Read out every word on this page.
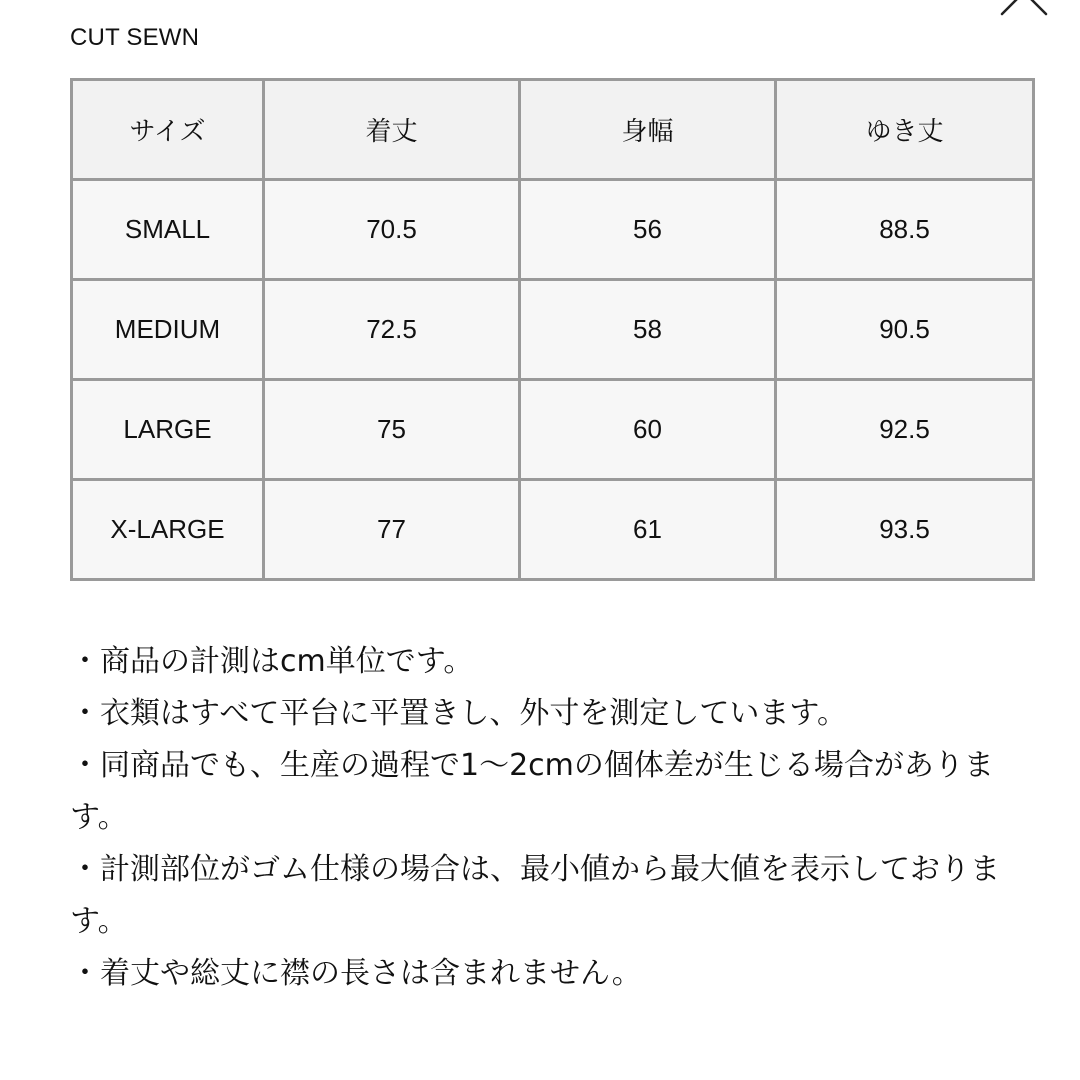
CUT SEWN
サイズ	着丈	身幅	ゆき丈
SMALL	70.5	56	88.5
MEDIUM	72.5	58	90.5
LARGE	75	60	92.5
X-LARGE	77	61	93.5

・商品の計測はcm単位です。

・衣類はすべて平台に平置きし、外寸を測定しています。

・同商品でも、生産の過程で1〜2cmの個体差が生じる場合があります。

・計測部位がゴム仕様の場合は、最小値から最大値を表示しております。

・着丈や総丈に襟の長さは含まれません。
